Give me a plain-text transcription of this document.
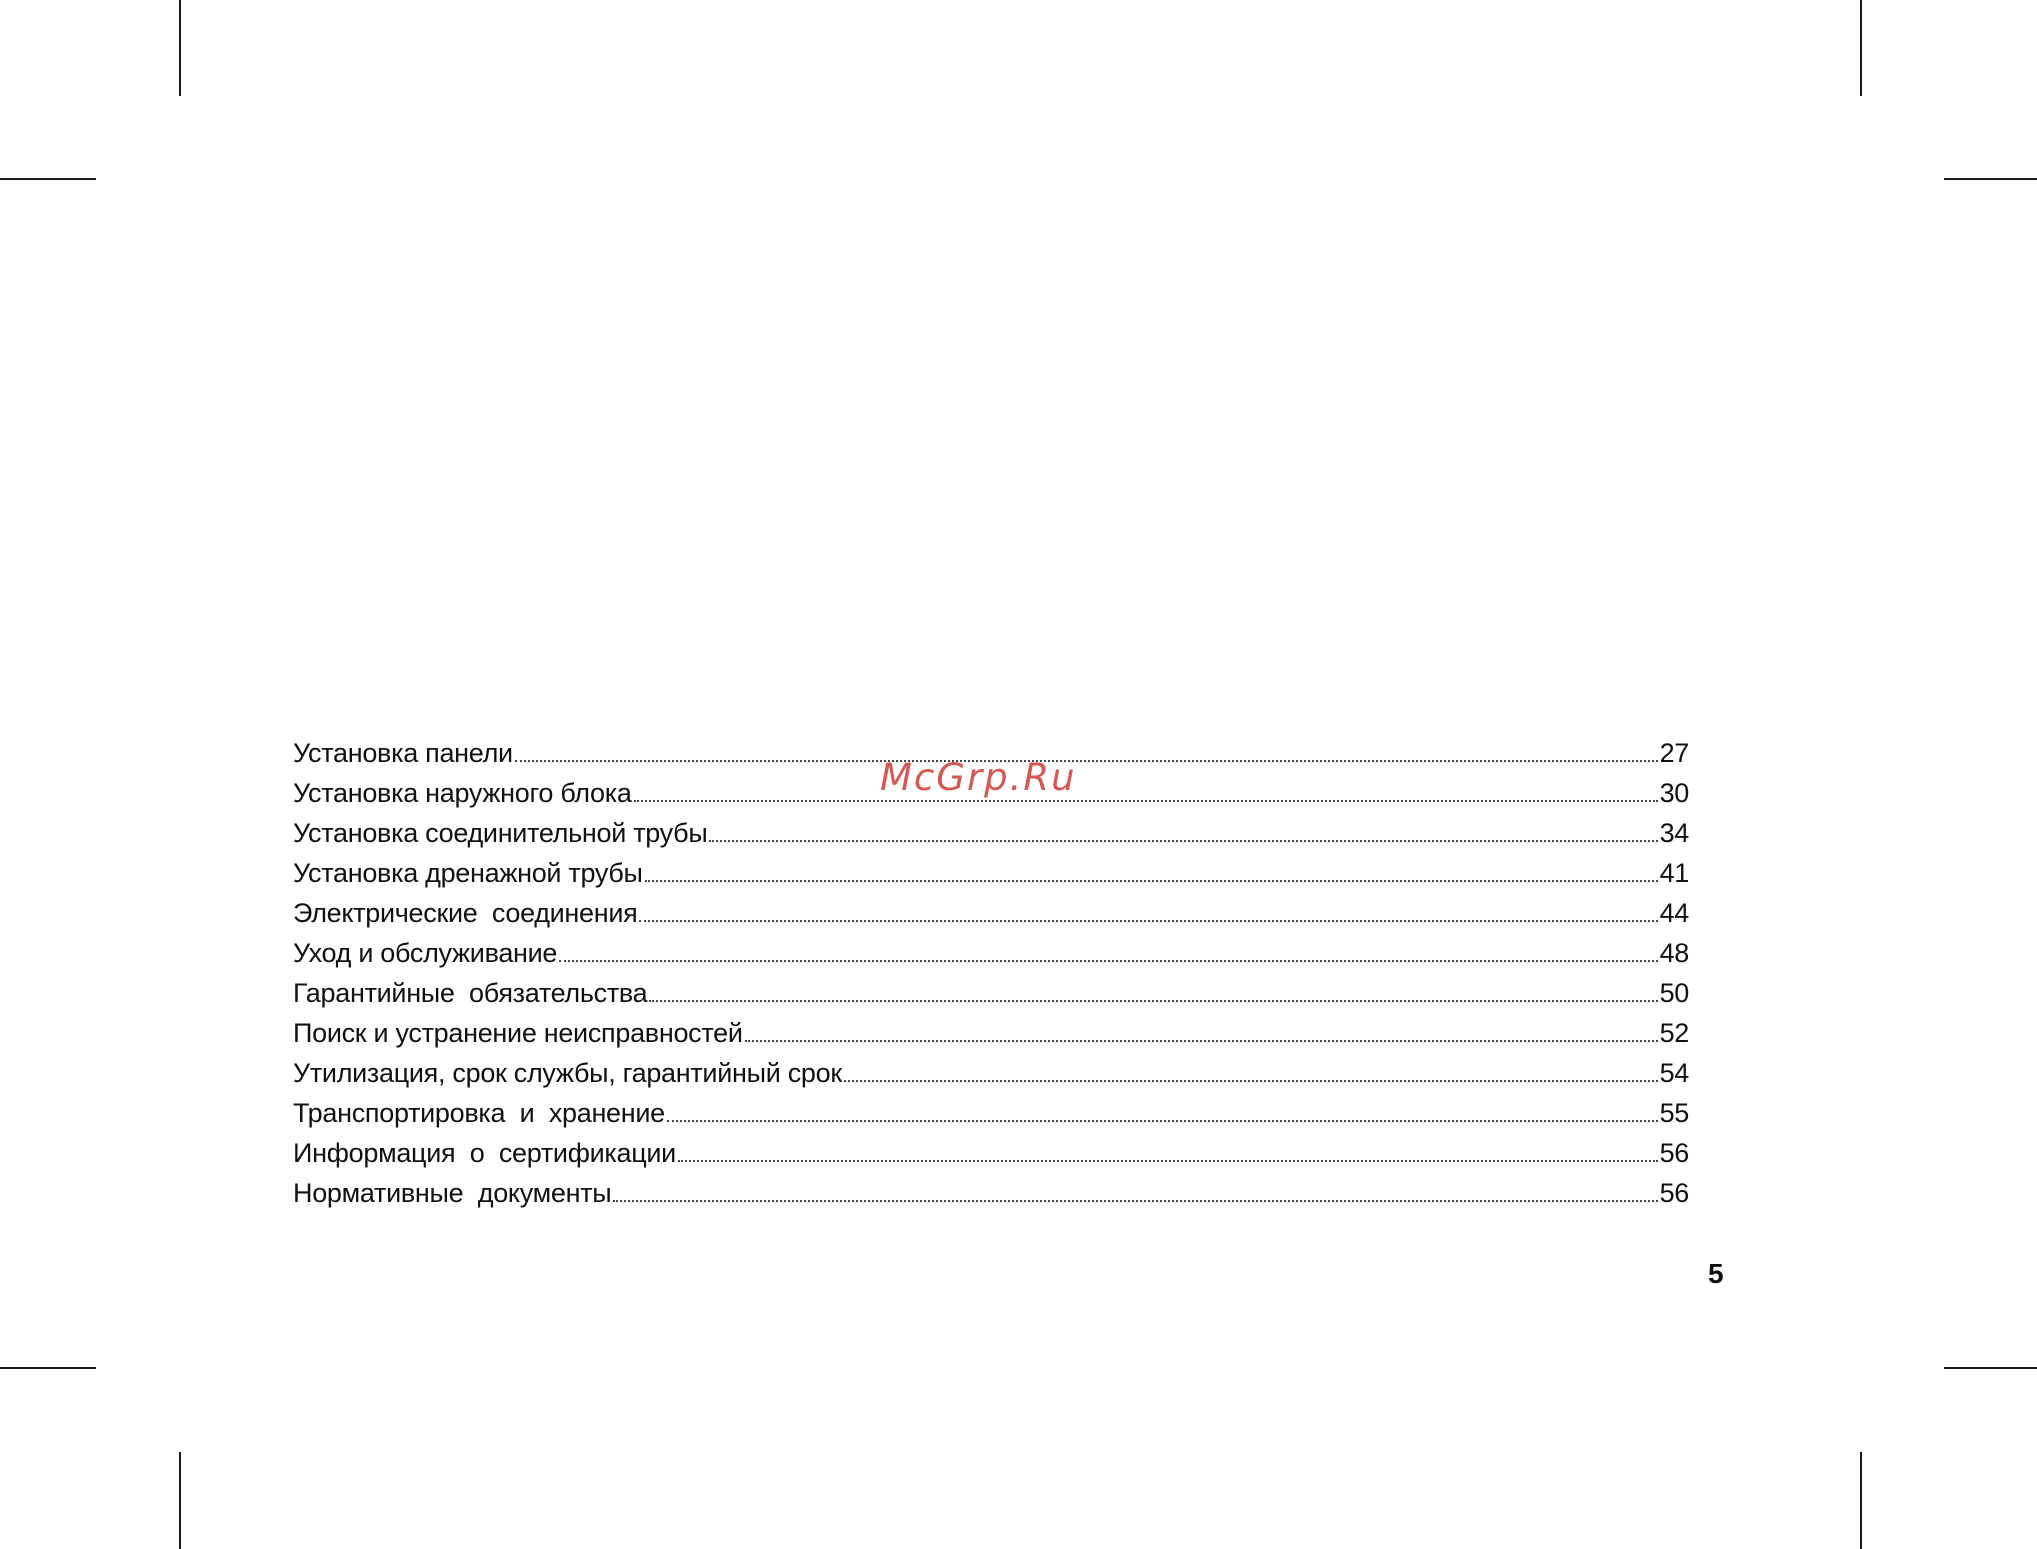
McGrp.Ru
Установка панели	27
Установка наружного блока	30
Установка соединительной трубы	34
Установка дренажной трубы	41
Электрические  соединения	44
Уход и обслуживание	48
Гарантийные  обязательства	50
Поиск и устранение неисправностей	52
Утилизация, срок службы, гарантийный срок	54
Транспортировка  и  хранение	55
Информация  о  сертификации	56
Нормативные  документы	56
5
